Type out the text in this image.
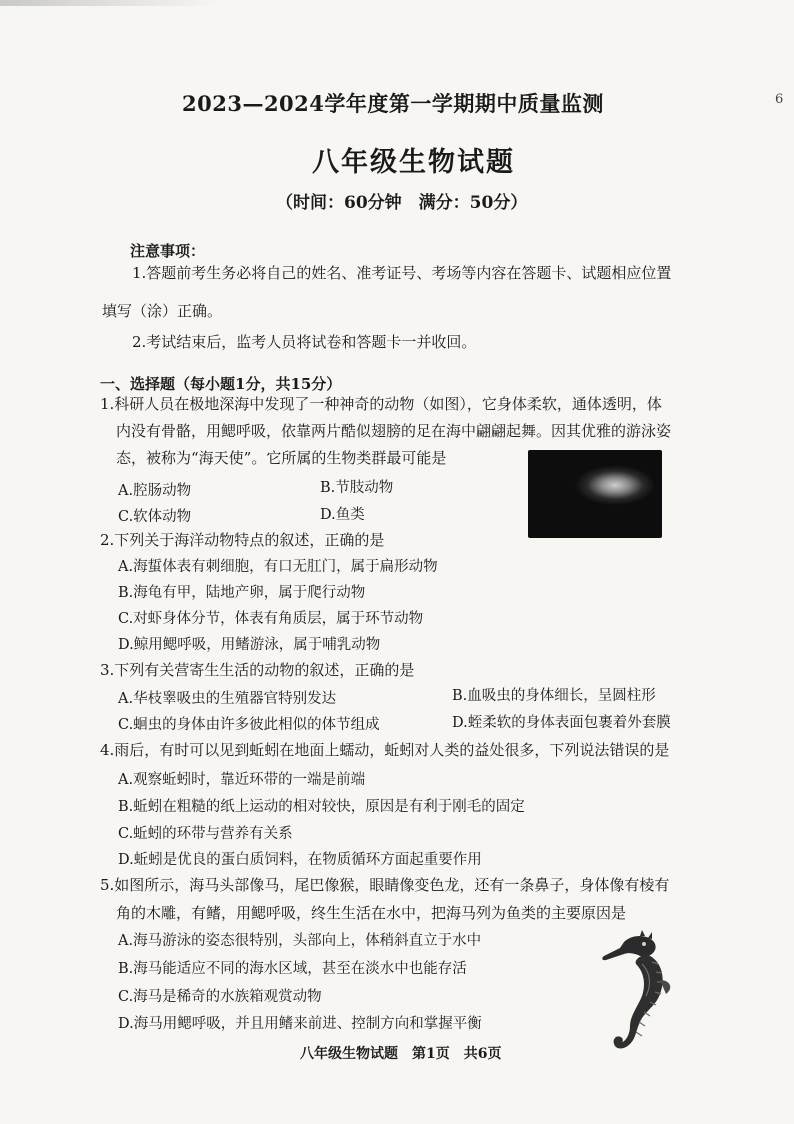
6
2023—2024学年度第一学期期中质量监测
八年级生物试题
（时间：60分钟　满分：50分）
注意事项：
1.答题前考生务必将自己的姓名、准考证号、考场等内容在答题卡、试题相应位置
填写（涂）正确。
2.考试结束后，监考人员将试卷和答题卡一并收回。
一、选择题（每小题1分，共15分）
1.科研人员在极地深海中发现了一种神奇的动物（如图），它身体柔软，通体透明，体
内没有骨骼，用鳃呼吸，依靠两片酷似翅膀的足在海中翩翩起舞。因其优雅的游泳姿
态，被称为“海天使”。它所属的生物类群最可能是
A.腔肠动物	B.节肢动物
C.软体动物	D.鱼类
2.下列关于海洋动物特点的叙述，正确的是
A.海蜇体表有刺细胞，有口无肛门，属于扁形动物
B.海龟有甲，陆地产卵，属于爬行动物
C.对虾身体分节，体表有角质层，属于环节动物
D.鲸用鳃呼吸，用鳍游泳，属于哺乳动物
3.下列有关营寄生生活的动物的叙述，正确的是
A.华枝睾吸虫的生殖器官特别发达	B.血吸虫的身体细长，呈圆柱形
C.蛔虫的身体由许多彼此相似的体节组成	D.蛭柔软的身体表面包裹着外套膜
4.雨后，有时可以见到蚯蚓在地面上蠕动，蚯蚓对人类的益处很多，下列说法错误的是
A.观察蚯蚓时，靠近环带的一端是前端
B.蚯蚓在粗糙的纸上运动的相对较快，原因是有利于刚毛的固定
C.蚯蚓的环带与营养有关系
D.蚯蚓是优良的蛋白质饲料，在物质循环方面起重要作用
5.如图所示，海马头部像马，尾巴像猴，眼睛像变色龙，还有一条鼻子，身体像有棱有
角的木雕，有鳍，用鳃呼吸，终生生活在水中，把海马列为鱼类的主要原因是
A.海马游泳的姿态很特别，头部向上，体稍斜直立于水中
B.海马能适应不同的海水区域，甚至在淡水中也能存活
C.海马是稀奇的水族箱观赏动物
D.海马用鳃呼吸，并且用鳍来前进、控制方向和掌握平衡
八年级生物试题　第1页　共6页
